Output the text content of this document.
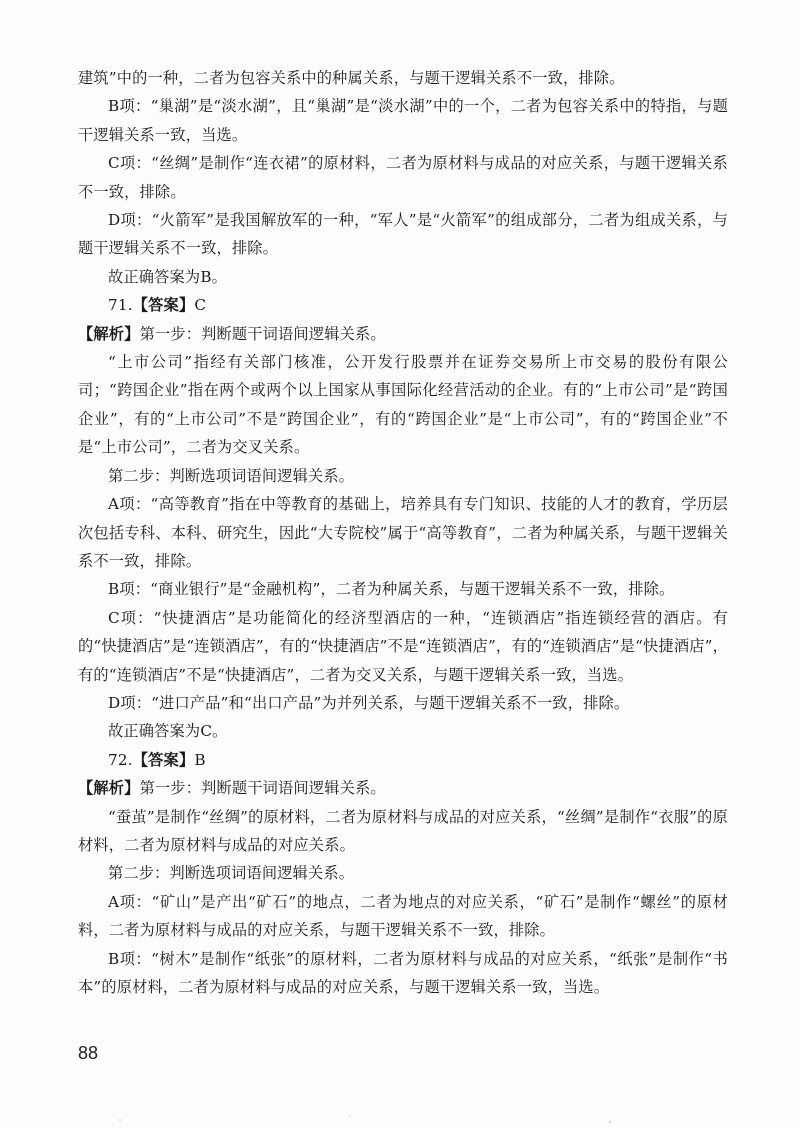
建筑”中的一种，二者为包容关系中的种属关系，与题干逻辑关系不一致，排除。

B项：“巢湖”是“淡水湖”，且“巢湖”是“淡水湖”中的一个，二者为包容关系中的特指，与题干逻辑关系一致，当选。

C项：“丝绸”是制作“连衣裙”的原材料，二者为原材料与成品的对应关系，与题干逻辑关系不一致，排除。

D项：“火箭军”是我国解放军的一种，“军人”是“火箭军”的组成部分，二者为组成关系，与题干逻辑关系不一致，排除。

故正确答案为B。

71.【答案】C

【解析】第一步：判断题干词语间逻辑关系。

“上市公司”指经有关部门核准，公开发行股票并在证券交易所上市交易的股份有限公司；“跨国企业”指在两个或两个以上国家从事国际化经营活动的企业。有的“上市公司”是“跨国企业”，有的“上市公司”不是“跨国企业”，有的“跨国企业”是“上市公司”，有的“跨国企业”不是“上市公司”，二者为交叉关系。

第二步：判断选项词语间逻辑关系。

A项：“高等教育”指在中等教育的基础上，培养具有专门知识、技能的人才的教育，学历层次包括专科、本科、研究生，因此“大专院校”属于“高等教育”，二者为种属关系，与题干逻辑关系不一致，排除。

B项：“商业银行”是“金融机构”，二者为种属关系，与题干逻辑关系不一致，排除。

C项：“快捷酒店”是功能简化的经济型酒店的一种，“连锁酒店”指连锁经营的酒店。有的“快捷酒店”是“连锁酒店”，有的“快捷酒店”不是“连锁酒店”，有的“连锁酒店”是“快捷酒店”，有的“连锁酒店”不是“快捷酒店”，二者为交叉关系，与题干逻辑关系一致，当选。

D项：“进口产品”和“出口产品”为并列关系，与题干逻辑关系不一致，排除。

故正确答案为C。

72.【答案】B

【解析】第一步：判断题干词语间逻辑关系。

“蚕茧”是制作“丝绸”的原材料，二者为原材料与成品的对应关系，“丝绸”是制作“衣服”的原材料，二者为原材料与成品的对应关系。

第二步：判断选项词语间逻辑关系。

A项：“矿山”是产出“矿石”的地点，二者为地点的对应关系，“矿石”是制作“螺丝”的原材料，二者为原材料与成品的对应关系，与题干逻辑关系不一致，排除。

B项：“树木”是制作“纸张”的原材料，二者为原材料与成品的对应关系，“纸张”是制作“书本”的原材料，二者为原材料与成品的对应关系，与题干逻辑关系一致，当选。

88
